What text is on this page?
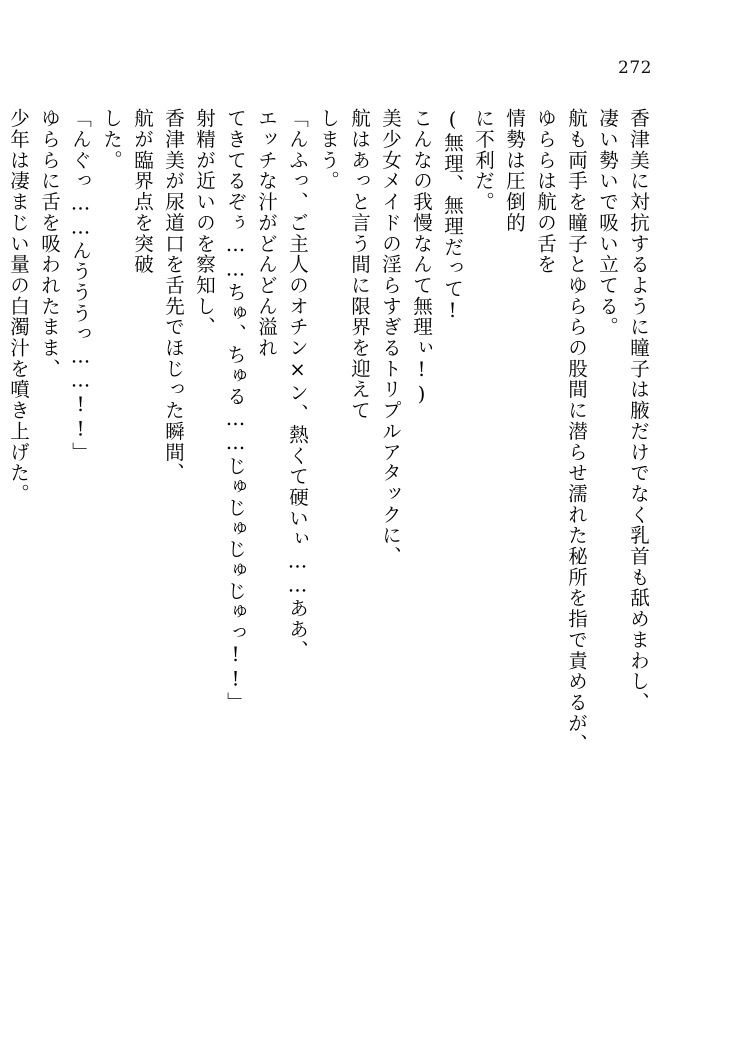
272
香津美に対抗するように瞳子は腋だけでなく乳首も舐めまわし、
凄い勢いで吸い立てる。
航も両手を瞳子とゆららの股間に潜らせ濡れた秘所を指で責めるが、
ゆららは航の舌を
情勢は圧倒的
に不利だ。
(無理、無理だって!
こんなの我慢なんて無理ぃ!)
美少女メイドの淫らすぎるトリプルアタックに、
航はあっと言う間に限界を迎えて
しまう。
「んふっ、ご主人のオチン×ン、熱くて硬いぃ……ああ、
エッチな汁がどんどん溢れ
てきてるぞぅ……ちゅ、ちゅる……じゅじゅじゅじゅっ!!」
射精が近いのを察知し、
香津美が尿道口を舌先でほじった瞬間、
航が臨界点を突破
した。
「んぐっ……んうううっ……!!」
ゆららに舌を吸われたまま、
少年は凄まじい量の白濁汁を噴き上げた。
